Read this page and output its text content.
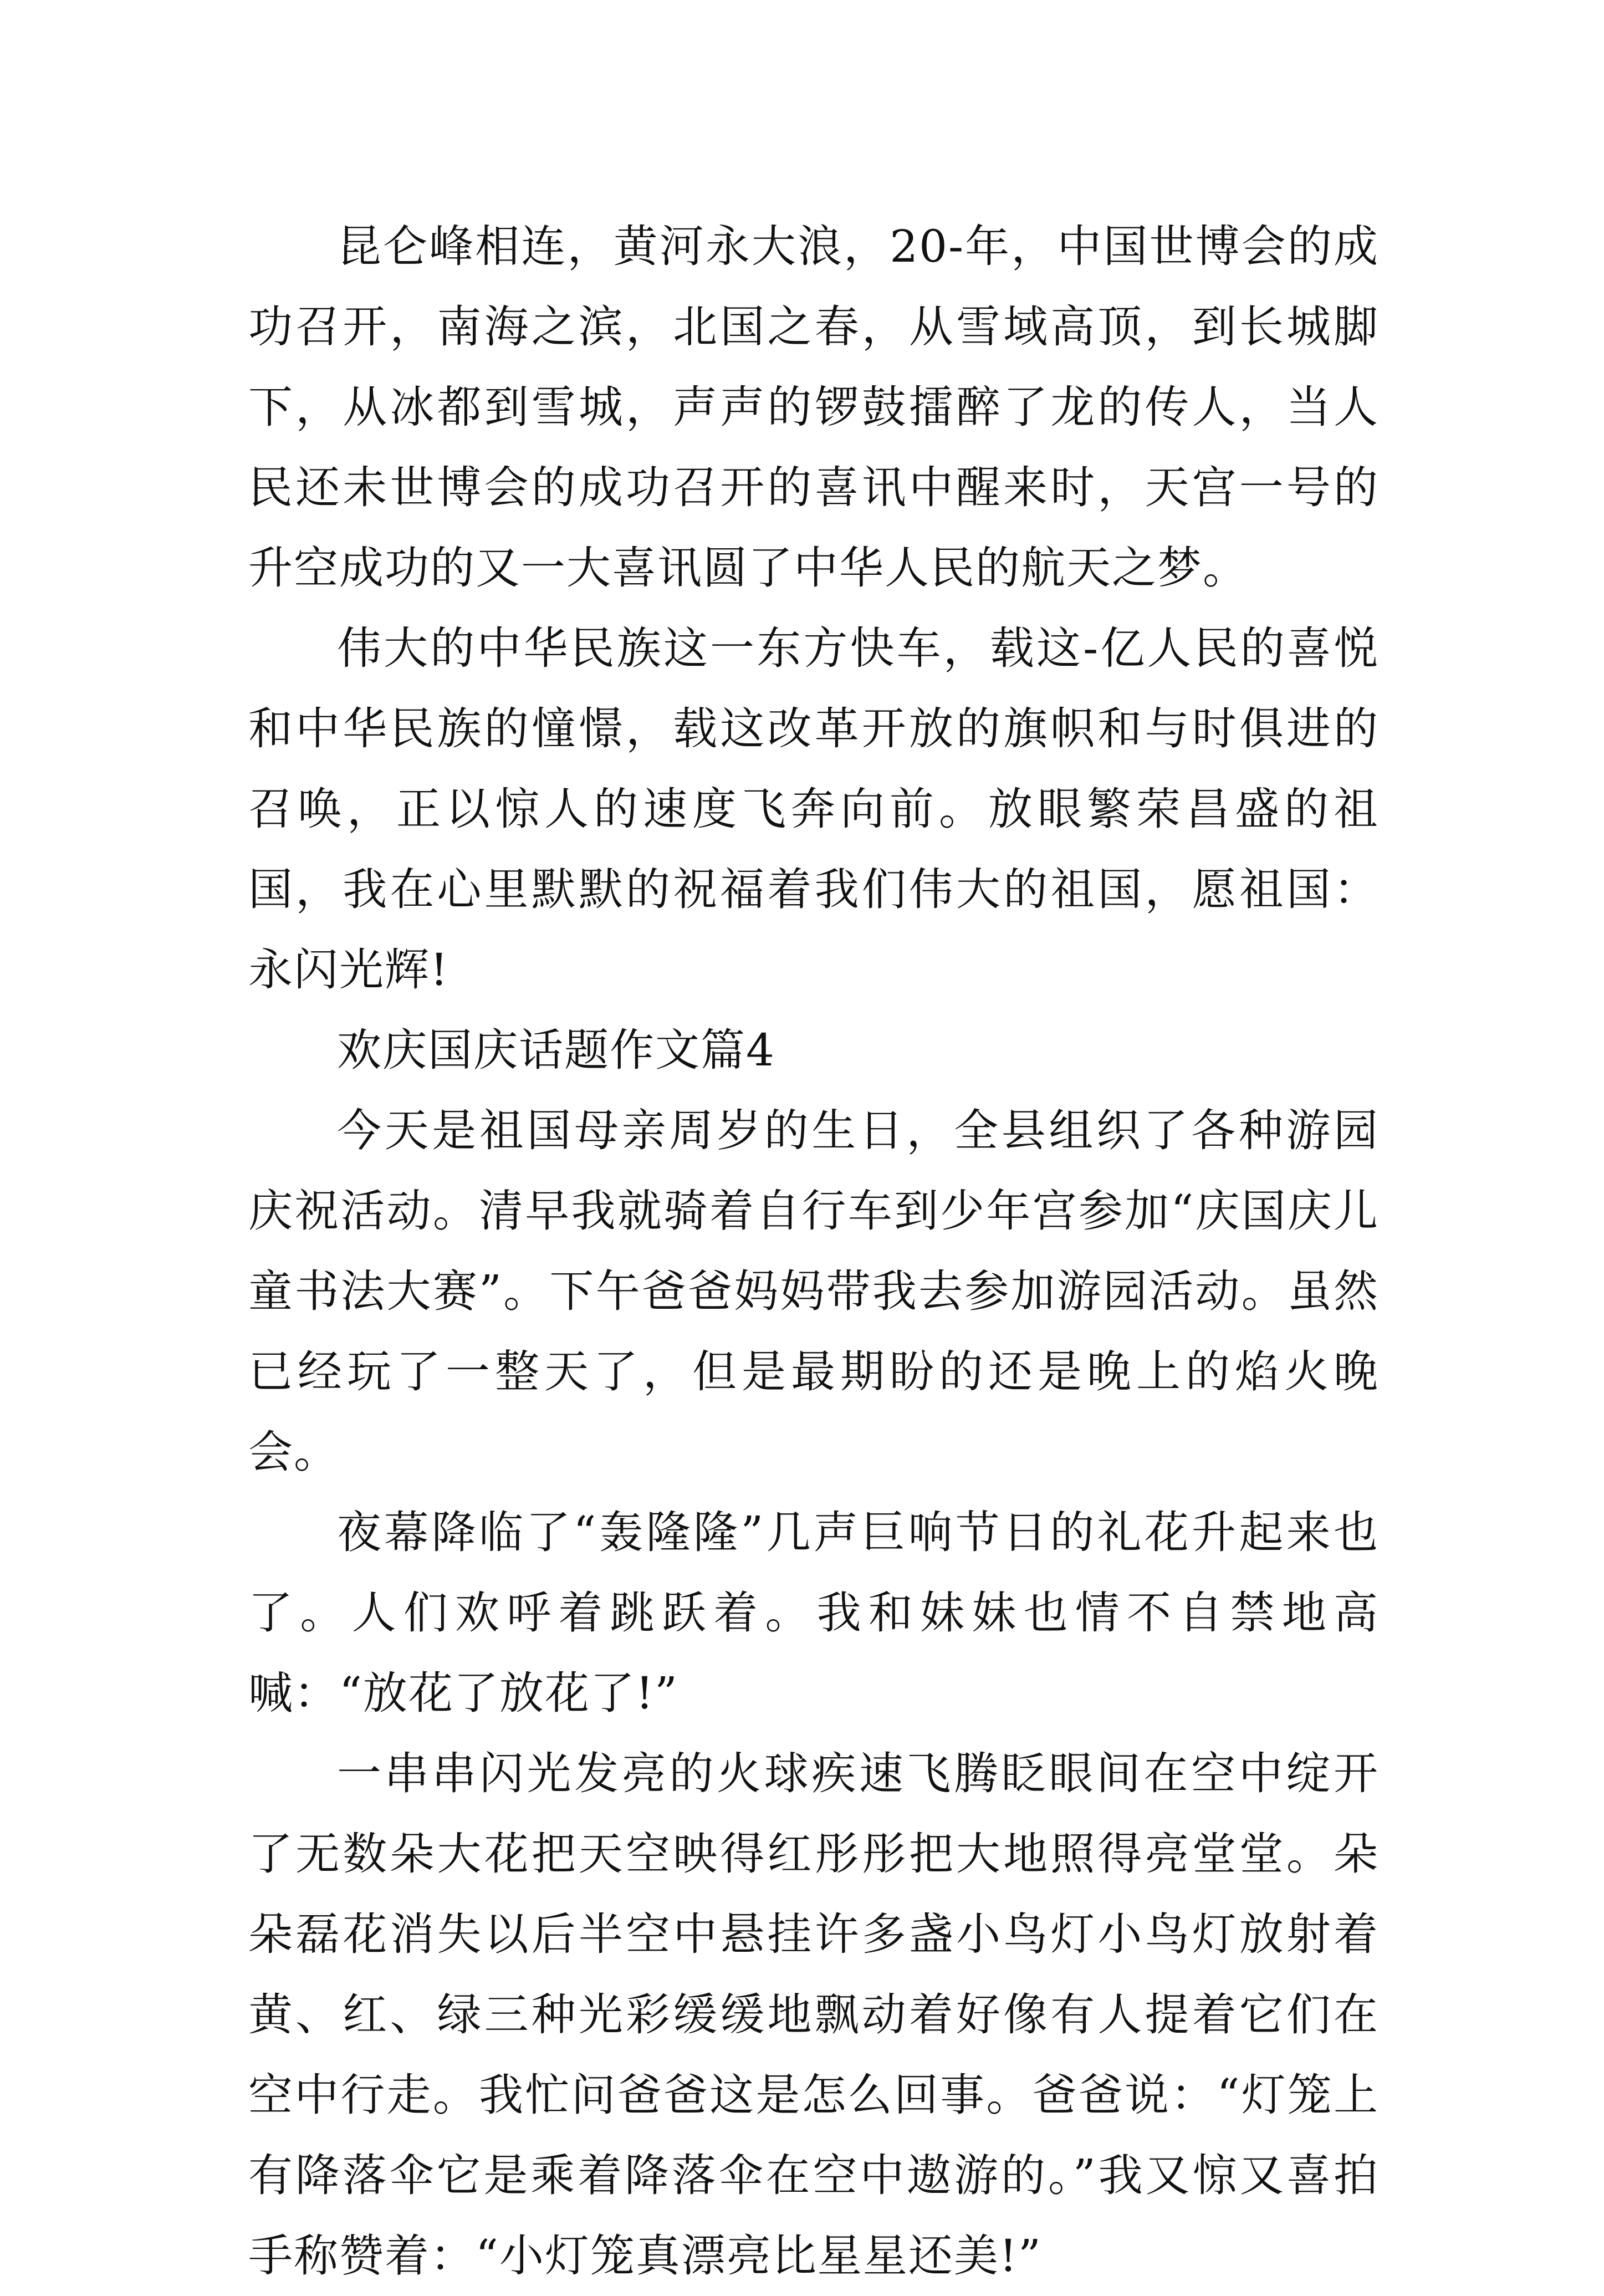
昆仑峰相连，黄河永大浪，20-年，中国世博会的成功召开，南海之滨，北国之春，从雪域高顶，到长城脚下，从冰都到雪城，声声的锣鼓擂醉了龙的传人，当人民还未世博会的成功召开的喜讯中醒来时，天宫一号的升空成功的又一大喜讯圆了中华人民的航天之梦。

伟大的中华民族这一东方快车，载这-亿人民的喜悦和中华民族的憧憬，载这改革开放的旗帜和与时俱进的召唤，正以惊人的速度飞奔向前。放眼繁荣昌盛的祖国，我在心里默默的祝福着我们伟大的祖国，愿祖国：永闪光辉!

欢庆国庆话题作文篇4

今天是祖国母亲周岁的生日，全县组织了各种游园庆祝活动。清早我就骑着自行车到少年宫参加“庆国庆儿童书法大赛”。下午爸爸妈妈带我去参加游园活动。虽然已经玩了一整天了，但是最期盼的还是晚上的焰火晚会。

夜幕降临了“轰隆隆”几声巨响节日的礼花升起来也了。人们欢呼着跳跃着。我和妹妹也情不自禁地高喊：“放花了放花了!”

一串串闪光发亮的火球疾速飞腾眨眼间在空中绽开了无数朵大花把天空映得红彤彤把大地照得亮堂堂。朵朵磊花消失以后半空中悬挂许多盏小鸟灯小鸟灯放射着黄、红、绿三种光彩缓缓地飘动着好像有人提着它们在空中行走。我忙问爸爸这是怎么回事。爸爸说：“灯笼上有降落伞它是乘着降落伞在空中遨游的。”我又惊又喜拍手称赞着：“小灯笼真漂亮比星星还美!”
